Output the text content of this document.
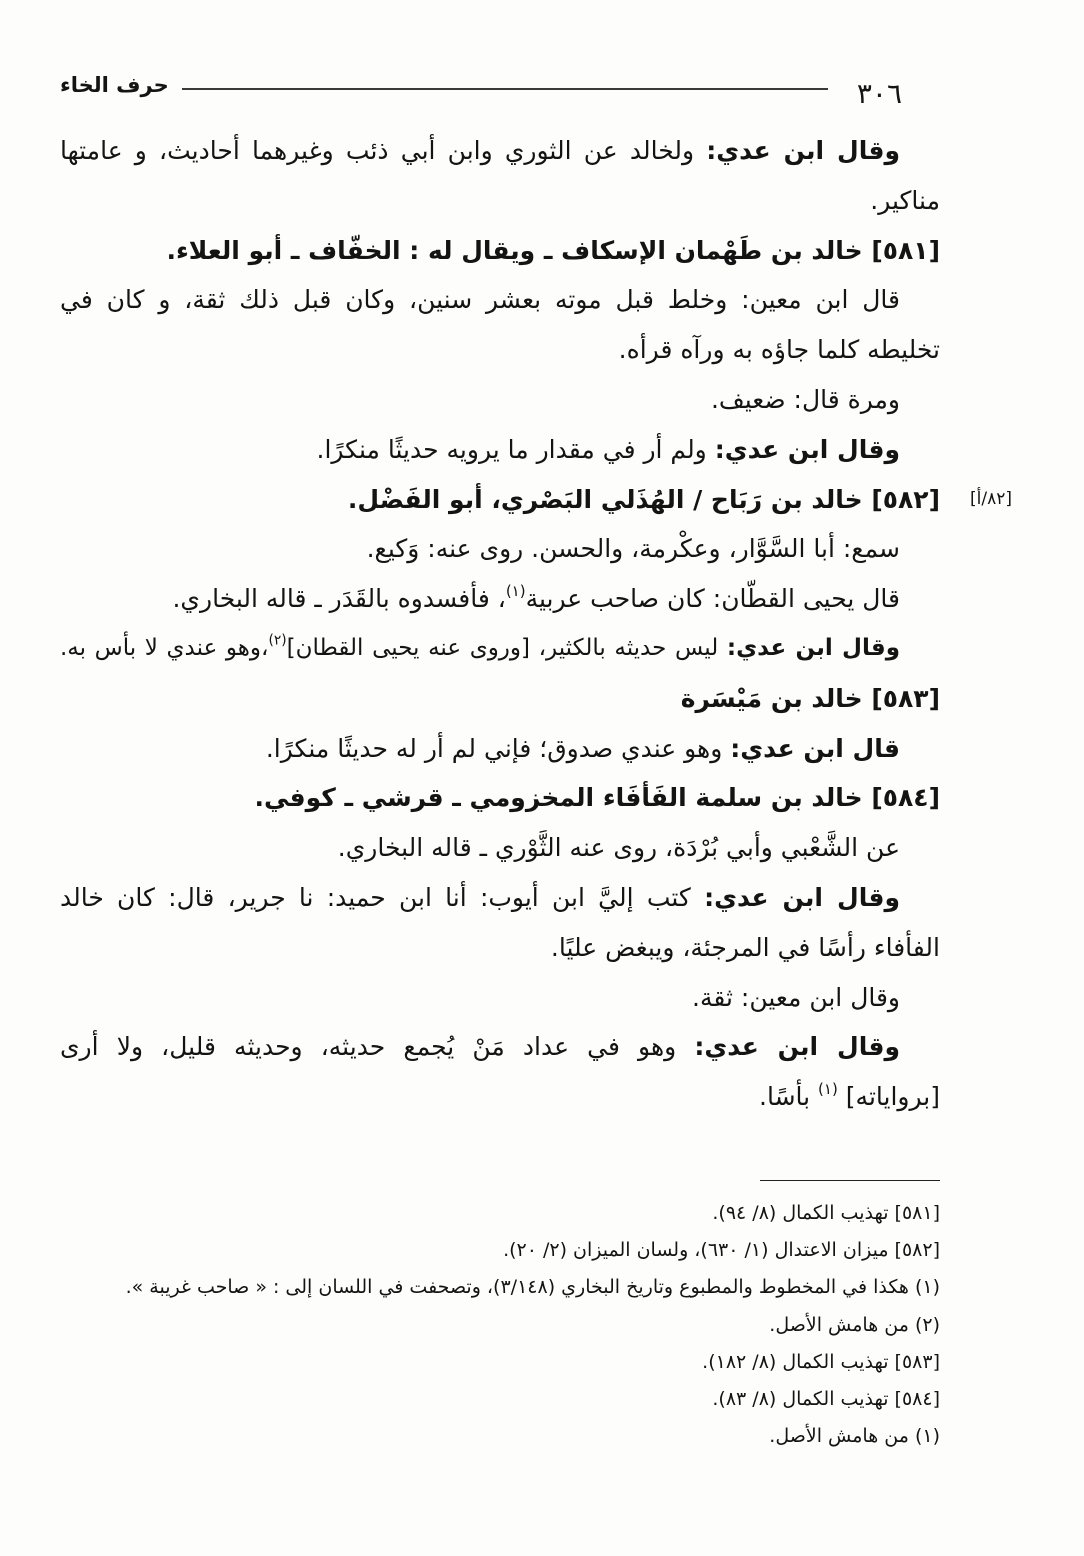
٣٠٦
حرف الخاء
[٨٢/أ]
وقال ابن عدي: ولخالد عن الثوري وابن أبي ذئب وغيرهما أحاديث، و عامتها
مناكير.
[٥٨١] خالد بن طَهْمان الإسكاف ـ ويقال له : الخفّاف ـ أبو العلاء.
قال ابن معين: وخلط قبل موته بعشر سنين، وكان قبل ذلك ثقة، و كان في
تخليطه كلما جاؤه به ورآه قرأه.
ومرة قال: ضعيف.
وقال ابن عدي: ولم أر في مقدار ما يرويه حديثًا منكرًا.
[٥٨٢] خالد بن رَبَاح / الهُذَلي البَصْري، أبو الفَضْل.
سمع: أبا السَّوَّار، وعكْرمة، والحسن. روى عنه: وَكيع.
قال يحيى القطّان: كان صاحب عربية$^{(١)}$، فأفسدوه بالقَدَر ـ قاله البخاري.
وقال ابن عدي: ليس حديثه بالكثير، [وروى عنه يحيى القطان]$^{(٢)}$،وهو عندي لا بأس به.
[٥٨٣] خالد بن مَيْسَرة
قال ابن عدي: وهو عندي صدوق؛ فإني لم أر له حديثًا منكرًا.
[٥٨٤] خالد بن سلمة الفَأفَاء المخزومي ـ قرشي ـ كوفي.
عن الشَّعْبي وأبي بُرْدَة، روى عنه الثَّوْري ـ قاله البخاري.
وقال ابن عدي: كتب إليَّ ابن أيوب: أنا ابن حميد: نا جرير، قال: كان خالد
الفأفاء رأسًا في المرجئة، ويبغض عليًا.
وقال ابن معين: ثقة.
وقال ابن عدي: وهو في عداد مَنْ يُجمع حديثه، وحديثه قليل، ولا أرى
[برواياته] $^{(١)}$ بأسًا.
[٥٨١] تهذيب الكمال (٨/ ٩٤).
[٥٨٢] ميزان الاعتدال (١/ ٦٣٠)، ولسان الميزان (٢/ ٢٠).
(١) هكذا في المخطوط والمطبوع وتاريخ البخاري (٣/١٤٨)، وتصحفت في اللسان إلى : « صاحب غريبة ».
(٢) من هامش الأصل.
[٥٨٣] تهذيب الكمال (٨/ ١٨٢).
[٥٨٤] تهذيب الكمال (٨/ ٨٣).
(١) من هامش الأصل.
